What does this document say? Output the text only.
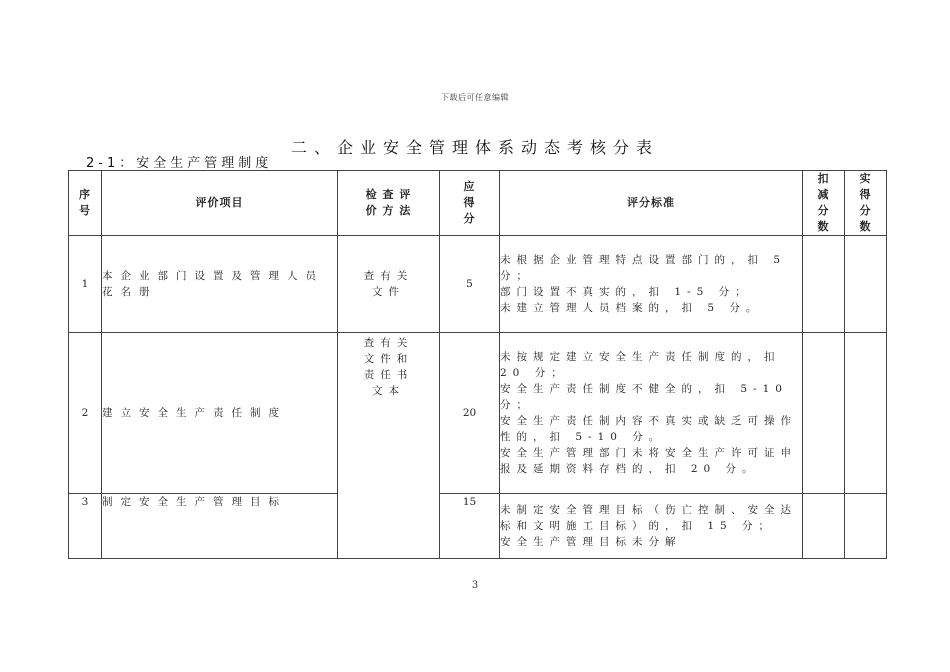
下载后可任意编辑
二、企业安全管理体系动态考核分表
2-1：安全生产管理制度
序
号	评价项目	检 查 评
价 方 法	应
得
分	评分标准	扣
减
分
数	实
得
分
数

1	本企业部门设置及管理人员花名册	查有关
文件	5	未根据企业管理特点设置部门的，扣 5 分；
部门设置不真实的，扣 1-5 分；
未建立管理人员档案的，扣 5 分。		

2	建立安全生产责任制度	查有关
文件和
责任书
文本	20	未按规定建立安全生产责任制度的，扣 20 分；
安全生产责任制度不健全的，扣 5-10 分；
安全生产责任制内容不真实或缺乏可操作性的，扣 5-10 分。
安全生产管理部门未将安全生产许可证申报及延期资料存档的，扣 20 分。		

3	制定安全生产管理目标		15	未制定安全管理目标（伤亡控制、安全达标和文明施工目标）的，扣 15 分；
安全生产管理目标未分解		

3
